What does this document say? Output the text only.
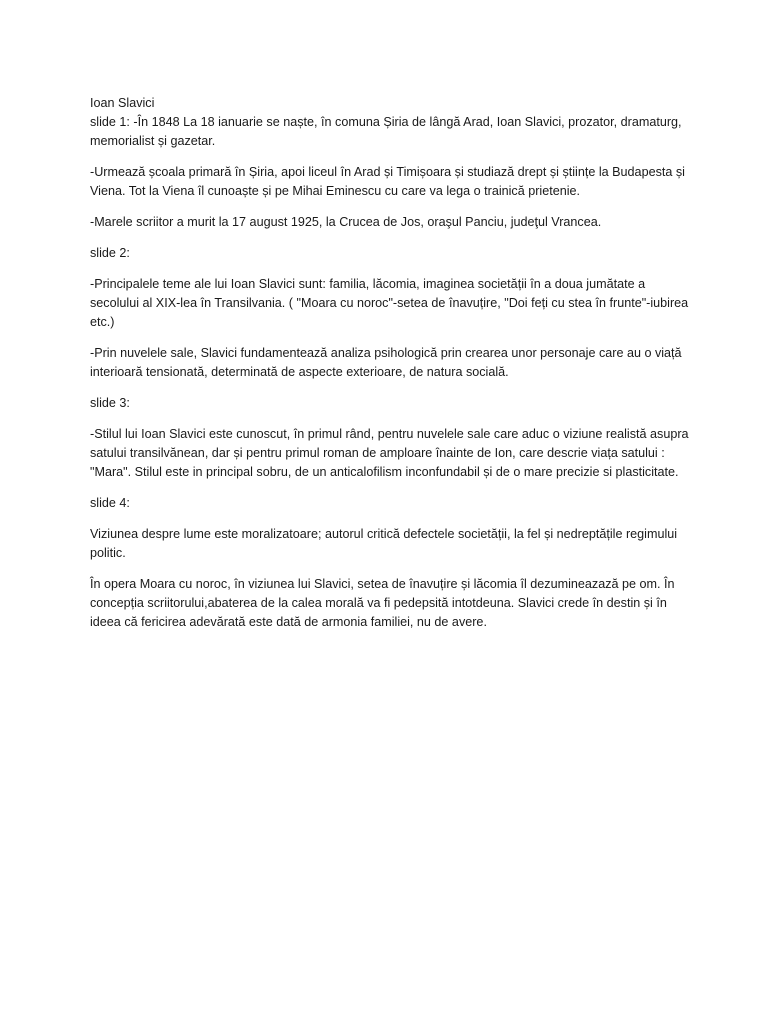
Ioan Slavici

slide 1: -În 1848 La 18 ianuarie se naște, în comuna Șiria de lângă Arad, Ioan Slavici, prozator, dramaturg, memorialist și gazetar.

-Urmează școala primară în Șiria, apoi liceul în Arad și Timișoara și studiază drept și științe la Budapesta și Viena. Tot la Viena îl cunoaște și pe Mihai Eminescu cu care va lega o trainică prietenie.

-Marele scriitor a murit la 17 august 1925, la Crucea de Jos, oraşul Panciu, judeţul Vrancea.

slide 2:

-Principalele teme ale lui Ioan Slavici sunt: familia, lăcomia, imaginea societății în a doua jumătate a secolului al XIX-lea în Transilvania. ( "Moara cu noroc"-setea de înavuțire, "Doi feți cu stea în frunte"-iubirea etc.)

-Prin nuvelele sale, Slavici fundamentează analiza psihologică prin crearea unor personaje care au o viață interioară tensionată, determinată de aspecte exterioare, de natura socială.

slide 3:

-Stilul lui Ioan Slavici este cunoscut, în primul rând, pentru nuvelele sale care aduc o viziune realistă asupra satului transilvănean, dar și pentru primul roman de amploare înainte de Ion, care descrie viața satului : "Mara". Stilul este in principal sobru, de un anticalofilism inconfundabil și de o mare precizie si plasticitate.

slide 4:

Viziunea despre lume este moralizatoare; autorul critică defectele societății, la fel și nedreptățile regimului politic.

În opera Moara cu noroc, în viziunea lui Slavici, setea de înavuțire și lăcomia îl dezumineazază pe om. În concepția scriitorului,abaterea de la calea morală va fi pedepsită intotdeuna. Slavici crede în destin și în ideea că fericirea adevărată este dată de armonia familiei, nu de avere.
